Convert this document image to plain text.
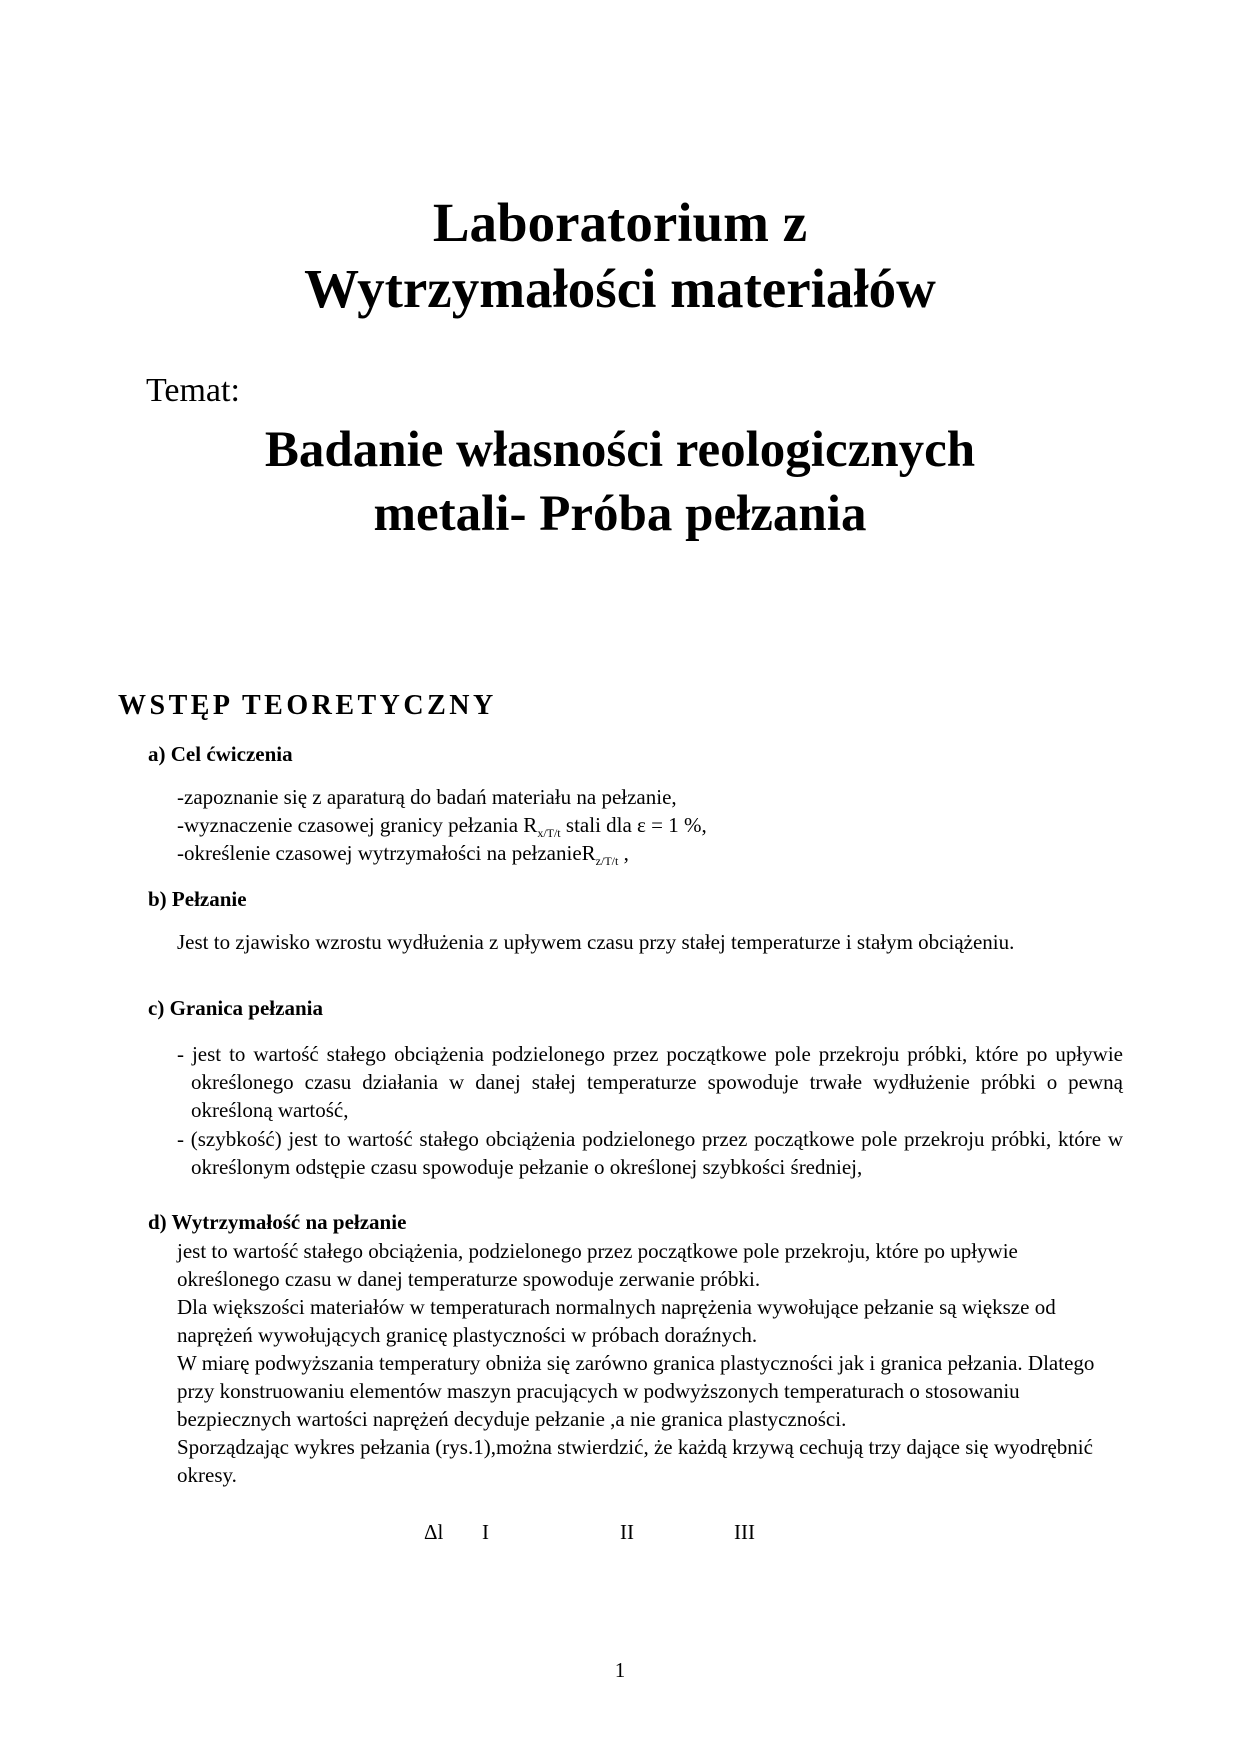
Laboratorium z
Wytrzymałości materiałów
Temat:
Badanie własności reologicznych
metali- Próba pełzania
WSTĘP TEORETYCZNY
a) Cel ćwiczenia
-zapoznanie się z aparaturą do badań materiału na pełzanie,
-wyznaczenie czasowej granicy pełzania $R_{x/T/t}$ stali dla ε = 1 %,
-określenie czasowej wytrzymałości na pełzanieR$_{z/T/t}$ ,
b) Pełzanie
Jest to zjawisko wzrostu wydłużenia z upływem czasu przy stałej temperaturze i stałym obciążeniu.
c) Granica pełzania
- jest to wartość stałego obciążenia podzielonego przez początkowe pole przekroju próbki, które po upływie określonego czasu działania w danej stałej temperaturze spowoduje trwałe wydłużenie próbki o pewną określoną wartość,
- (szybkość) jest to wartość stałego obciążenia podzielonego przez początkowe pole przekroju próbki, które w określonym odstępie czasu spowoduje pełzanie o określonej szybkości średniej,
d) Wytrzymałość na pełzanie

jest to wartość stałego obciążenia, podzielonego przez początkowe pole przekroju, które po upływie określonego czasu w danej temperaturze spowoduje zerwanie próbki.

Dla większości materiałów w temperaturach normalnych naprężenia wywołujące pełzanie są większe od naprężeń wywołujących granicę plastyczności w próbach doraźnych.

W miarę podwyższania temperatury obniża się zarówno granica plastyczności jak i granica pełzania. Dlatego przy konstruowaniu elementów maszyn pracujących w podwyższonych temperaturach o stosowaniu bezpiecznych wartości naprężeń decyduje pełzanie ,a nie granica plastyczności.

Sporządzając wykres pełzania (rys.1),można stwierdzić, że każdą krzywą cechują trzy dające się wyodrębnić okresy.

Δl I	II	III
1
